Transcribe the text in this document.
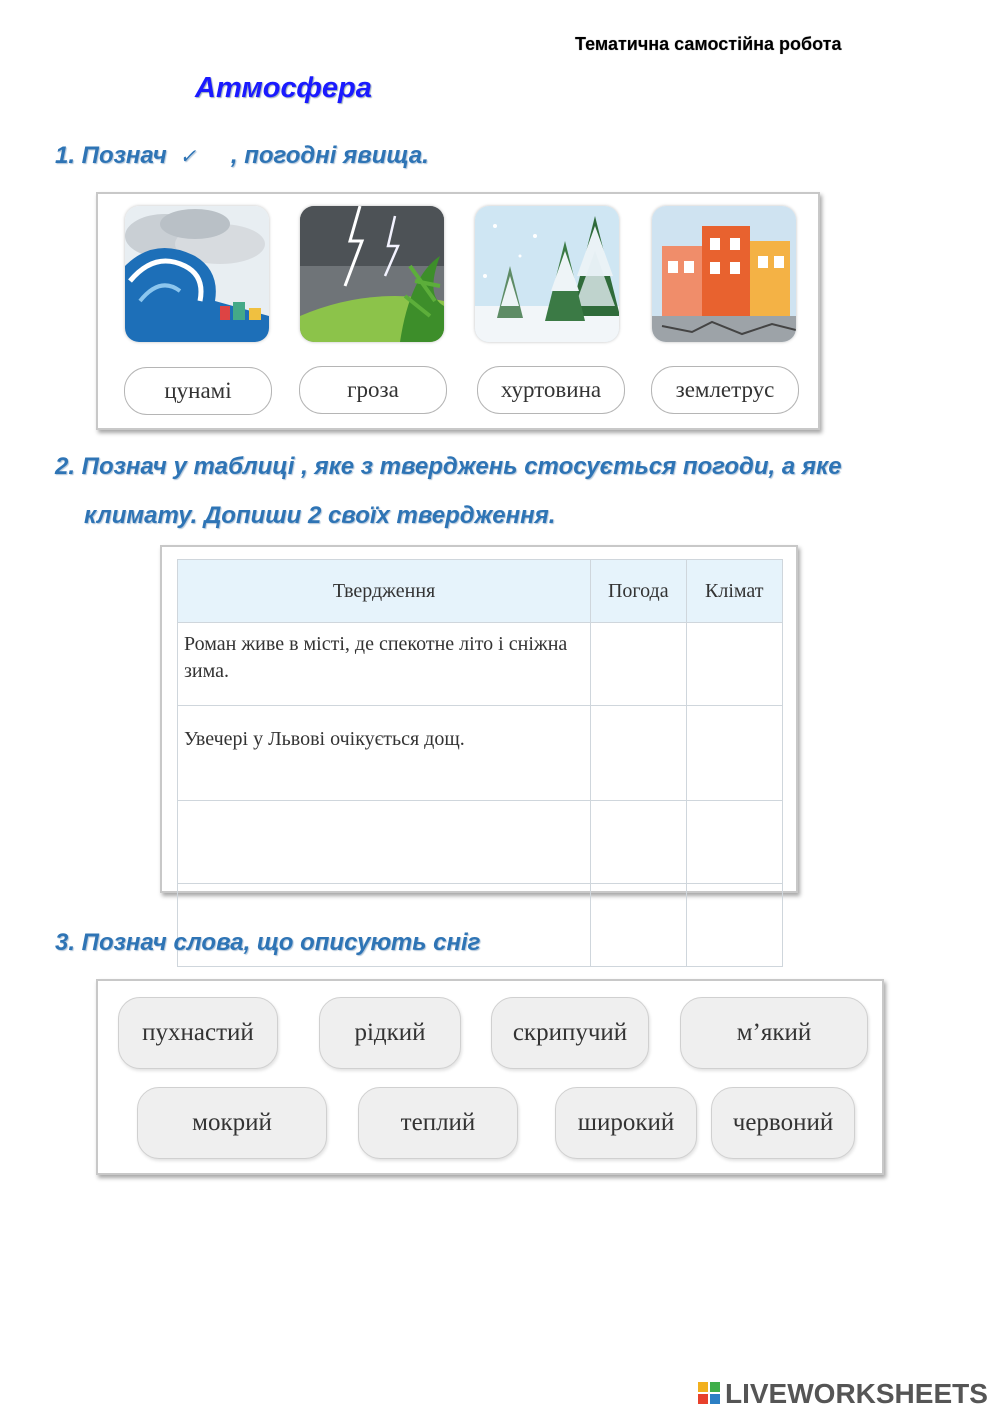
Тематична самостійна робота
Атмосфера
1. Познач ✓ , погодні явища.
цунамі	гроза	хуртовина	землетрус
2. Познач у таблиці , яке з тверджень стосується погоди, а яке
климату. Допиши 2 своїх твердження.
Твердження	Погода	Клімат
Роман живе в місті, де спекотне літо і сніжна зима.		
Увечері у Львові очікується дощ.		

3. Познач слова, що описують сніг
пухнастий	рідкий	скрипучий	м’який
мокрий	теплий	широкий	червоний
LIVEWORKSHEETS
